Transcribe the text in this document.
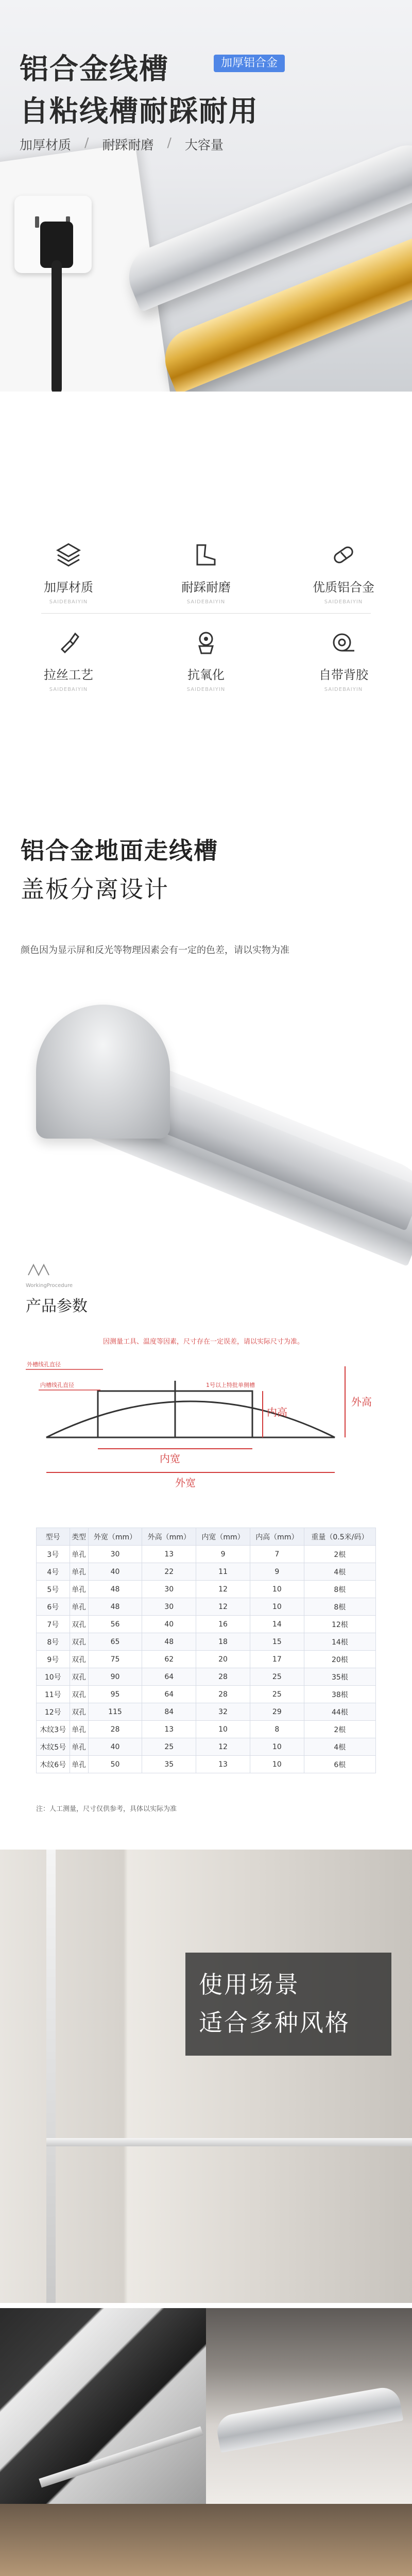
铝合金线槽	加厚铝合金
自粘线槽耐踩耐用
加厚材质 / 耐踩耐磨 / 大容量
加厚材质
SAIDEBAIYIN
耐踩耐磨
SAIDEBAIYIN
优质铝合金
SAIDEBAIYIN
拉丝工艺
SAIDEBAIYIN
抗氧化
SAIDEBAIYIN
自带背胶
SAIDEBAIYIN
铝合金地面走线槽
盖板分离设计
颜色因为显示屏和反光等物理因素会有一定的色差，请以实物为准
WorkingProcedure
产品参数
因测量工具、温度等因素，尺寸存在一定误差，请以实际尺寸为准。
外槽线孔直径
内槽线孔直径	1号以上特批单侧槽
内宽
外宽
内高
外高
型号	类型	外宽（mm）	外高（mm）	内宽（mm）	内高（mm）	重量（0.5米/码）
3号	单孔	30	13	9	7	2根
4号	单孔	40	22	11	9	4根
5号	单孔	48	30	12	10	8根
6号	单孔	48	30	12	10	8根
7号	双孔	56	40	16	14	12根
8号	双孔	65	48	18	15	14根
9号	双孔	75	62	20	17	20根
10号	双孔	90	64	28	25	35根
11号	双孔	95	64	28	25	38根
12号	双孔	115	84	32	29	44根
木纹3号	单孔	28	13	10	8	2根
木纹5号	单孔	40	25	12	10	4根
木纹6号	单孔	50	35	13	10	6根
注：人工测量，尺寸仅供参考，具体以实际为准
使用场景
适合多种风格
